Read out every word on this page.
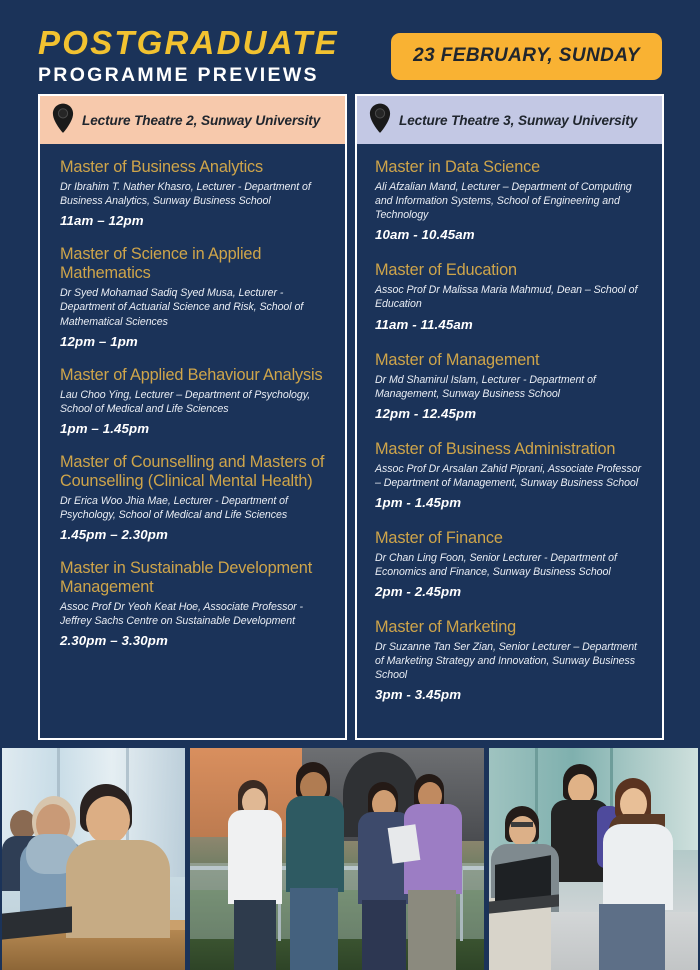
POSTGRADUATE
PROGRAMME PREVIEWS
23 FEBRUARY, SUNDAY
Lecture Theatre 2, Sunway University
Master of Business Analytics
Dr Ibrahim T. Nather Khasro, Lecturer - Department of Business Analytics, Sunway Business School
11am – 12pm
Master of Science in Applied Mathematics
Dr Syed Mohamad Sadiq Syed Musa, Lecturer - Department of Actuarial Science and Risk, School of Mathematical Sciences
12pm – 1pm
Master of Applied Behaviour Analysis
Lau Choo Ying, Lecturer – Department of Psychology, School of Medical and Life Sciences
1pm – 1.45pm
Master of Counselling and Masters of Counselling (Clinical Mental Health)
Dr Erica Woo Jhia Mae, Lecturer - Department of Psychology, School of Medical and Life Sciences
1.45pm – 2.30pm
Master in Sustainable Development Management
Assoc Prof Dr Yeoh Keat Hoe, Associate Professor - Jeffrey Sachs Centre on Sustainable Development
2.30pm – 3.30pm
Lecture Theatre 3, Sunway University
Master in Data Science
Ali Afzalian Mand, Lecturer – Department of Computing and Information Systems, School of Engineering and Technology
10am - 10.45am
Master of Education
Assoc Prof Dr Malissa Maria Mahmud, Dean – School of Education
11am - 11.45am
Master of Management
Dr Md Shamirul Islam, Lecturer - Department of Management, Sunway Business School
12pm - 12.45pm
Master of Business Administration
Assoc Prof Dr Arsalan Zahid Piprani, Associate Professor – Department of Management, Sunway Business School
1pm - 1.45pm
Master of Finance
Dr Chan Ling Foon, Senior Lecturer - Department of Economics and Finance, Sunway Business School
2pm - 2.45pm
Master of Marketing
Dr Suzanne Tan Ser Zian, Senior Lecturer – Department of Marketing Strategy and Innovation, Sunway Business School
3pm - 3.45pm
